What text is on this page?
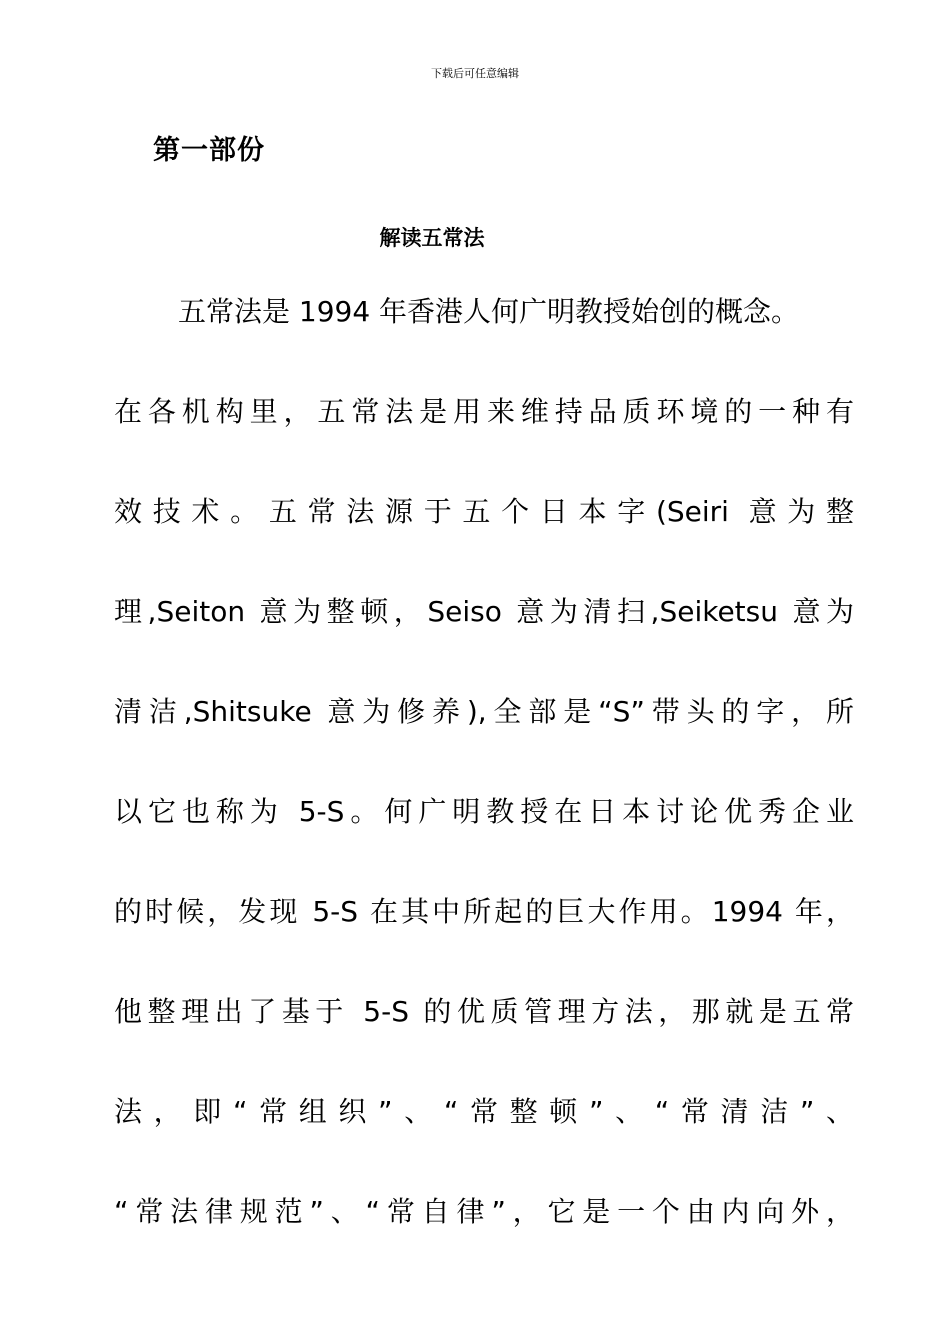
下载后可任意编辑
第一部份
解读五常法
五常法是 1994 年香港人何广明教授始创的概念。
在各机构里，五常法是用来维持品质环境的一种有
效技术。五常法源于五个日本字(Seiri 意为整
理,Seiton 意为整顿，Seiso 意为清扫,Seiketsu 意为
清洁,Shitsuke 意为修养),全部是“S”带头的字，所
以它也称为 5-S。何广明教授在日本讨论优秀企业
的时候，发现 5-S 在其中所起的巨大作用。1994 年，
他整理出了基于 5-S 的优质管理方法，那就是五常
法，即“常组织”、“常整顿”、“常清洁”、
“常法律规范”、“常自律”，它是一个由内向外，
